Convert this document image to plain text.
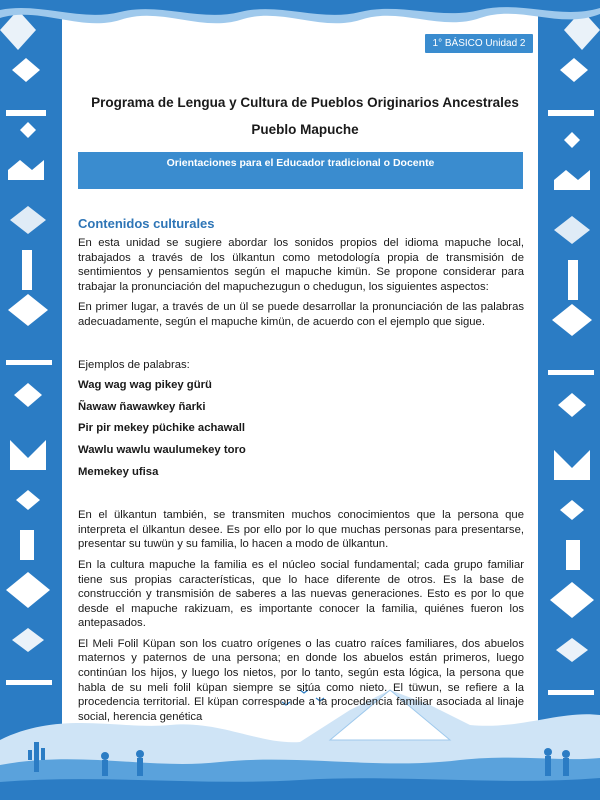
1° BÁSICO Unidad 2
Programa de Lengua y Cultura de Pueblos Originarios Ancestrales
Pueblo Mapuche
Orientaciones para el Educador tradicional o Docente
Contenidos culturales

En esta unidad se sugiere abordar los sonidos propios del idioma mapuche local, trabajados a través de los ülkantun como metodología propia de transmisión de sentimientos y pensamientos según el mapuche kimün. Se propone considerar para trabajar la pronunciación del mapuchezugun o chedugun, los siguientes aspectos:

En primer lugar, a través de un ül se puede desarrollar la pronunciación de las palabras adecuadamente, según el mapuche kimün, de acuerdo con el ejemplo que sigue.

Ejemplos de palabras:

Wag wag wag pikey gürü

Ñawaw ñawawkey ñarki

Pir pir mekey püchike achawall

Wawlu wawlu waulumekey toro

Memekey ufisa

En el ülkantun también, se transmiten muchos conocimientos que la persona que interpreta el ülkantun desee. Es por ello por lo que muchas personas para presentarse, presentar su tuwün y su familia, lo hacen a modo de ülkantun.

En la cultura mapuche la familia es el núcleo social fundamental; cada grupo familiar tiene sus propias características, que lo hace diferente de otros. Es la base de construcción y transmisión de saberes a las nuevas generaciones. Esto es por lo que desde el mapuche rakizuam, es importante conocer la familia, quiénes fueron los antepasados.

El Meli Folil Küpan son los cuatro orígenes o las cuatro raíces familiares, dos abuelos maternos y paternos de una persona; en donde los abuelos están primeros, luego continúan los hijos, y luego los nietos, por lo tanto, según esta lógica, la persona que habla de su meli folil küpan siempre se sitúa como nieto. El tüwun, se refiere a la procedencia territorial. El küpan corresponde a la procedencia familiar asociada al linaje social, herencia genética
